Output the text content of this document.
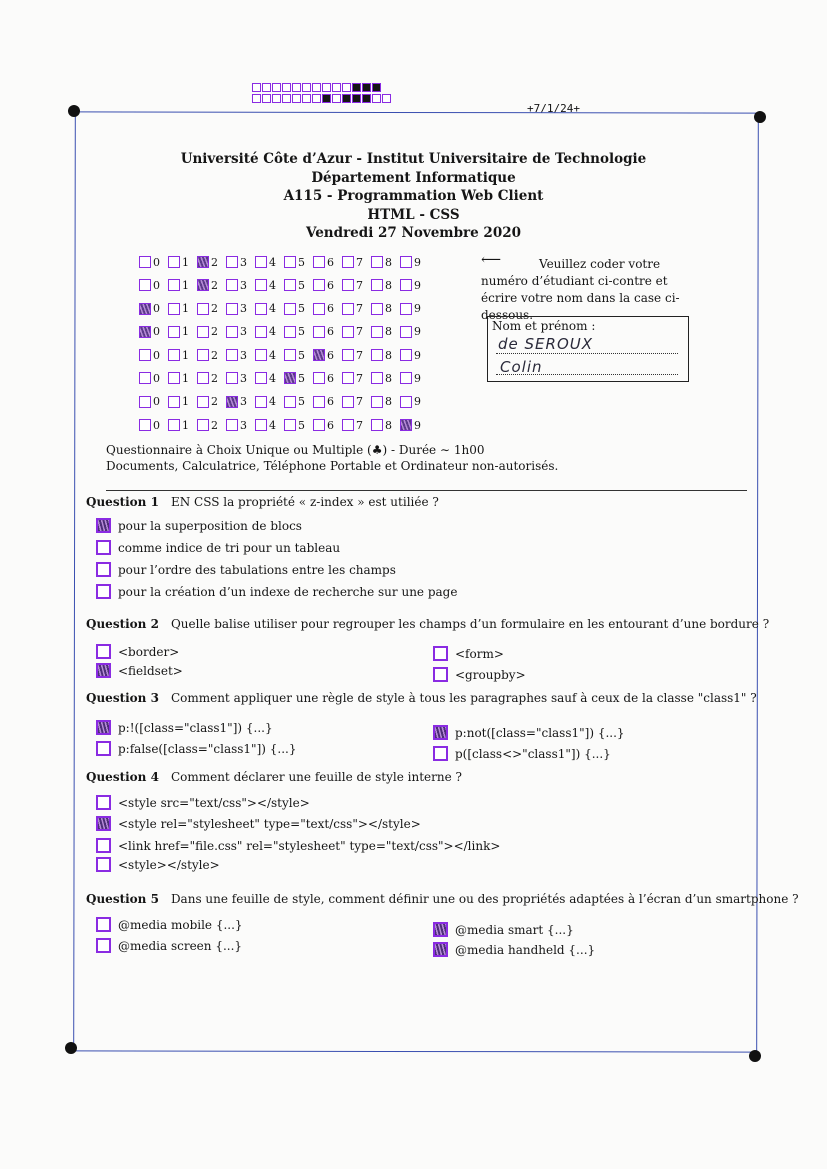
+7/1/24+
Université Côte d’Azur - Institut Universitaire de Technologie
Département Informatique
A115 - Programmation Web Client
HTML - CSS
Vendredi 27 Novembre 2020
0 1 2 3 4 5 6 7 8 9
0 1 2 3 4 5 6 7 8 9
0 1 2 3 4 5 6 7 8 9
0 1 2 3 4 5 6 7 8 9
0 1 2 3 4 5 6 7 8 9
0 1 2 3 4 5 6 7 8 9
0 1 2 3 4 5 6 7 8 9
0 1 2 3 4 5 6 7 8 9
⟵	Veuillez coder votre numéro d’étudiant ci-contre et écrire votre nom dans la case ci-dessous.
Nom et prénom :
de SEROUX
Colin
Questionnaire à Choix Unique ou Multiple (♣) - Durée ∼ 1h00
Documents, Calculatrice, Téléphone Portable et Ordinateur non-autorisés.
Question 1 EN CSS la propriété « z-index » est utiliée ?
pour la superposition de blocs
comme indice de tri pour un tableau
pour l’ordre des tabulations entre les champs
pour la création d’un indexe de recherche sur une page
Question 2 Quelle balise utiliser pour regrouper les champs d’un formulaire en les entourant d’une bordure ?
<border>	<form>
<fieldset>	<groupby>
Question 3 Comment appliquer une règle de style à tous les paragraphes sauf à ceux de la classe "class1" ?
p:!([class="class1"]) {...}	p:not([class="class1"]) {...}
p:false([class="class1"]) {...}	p([class<>"class1"]) {...}
Question 4 Comment déclarer une feuille de style interne ?
<style src="text/css"></style>
<style rel="stylesheet" type="text/css"></style>
<link href="file.css" rel="stylesheet" type="text/css"></link>
<style></style>
Question 5 Dans une feuille de style, comment définir une ou des propriétés adaptées à l’écran d’un smartphone ?
@media mobile {...}	@media smart {...}
@media screen {...}	@media handheld {...}
